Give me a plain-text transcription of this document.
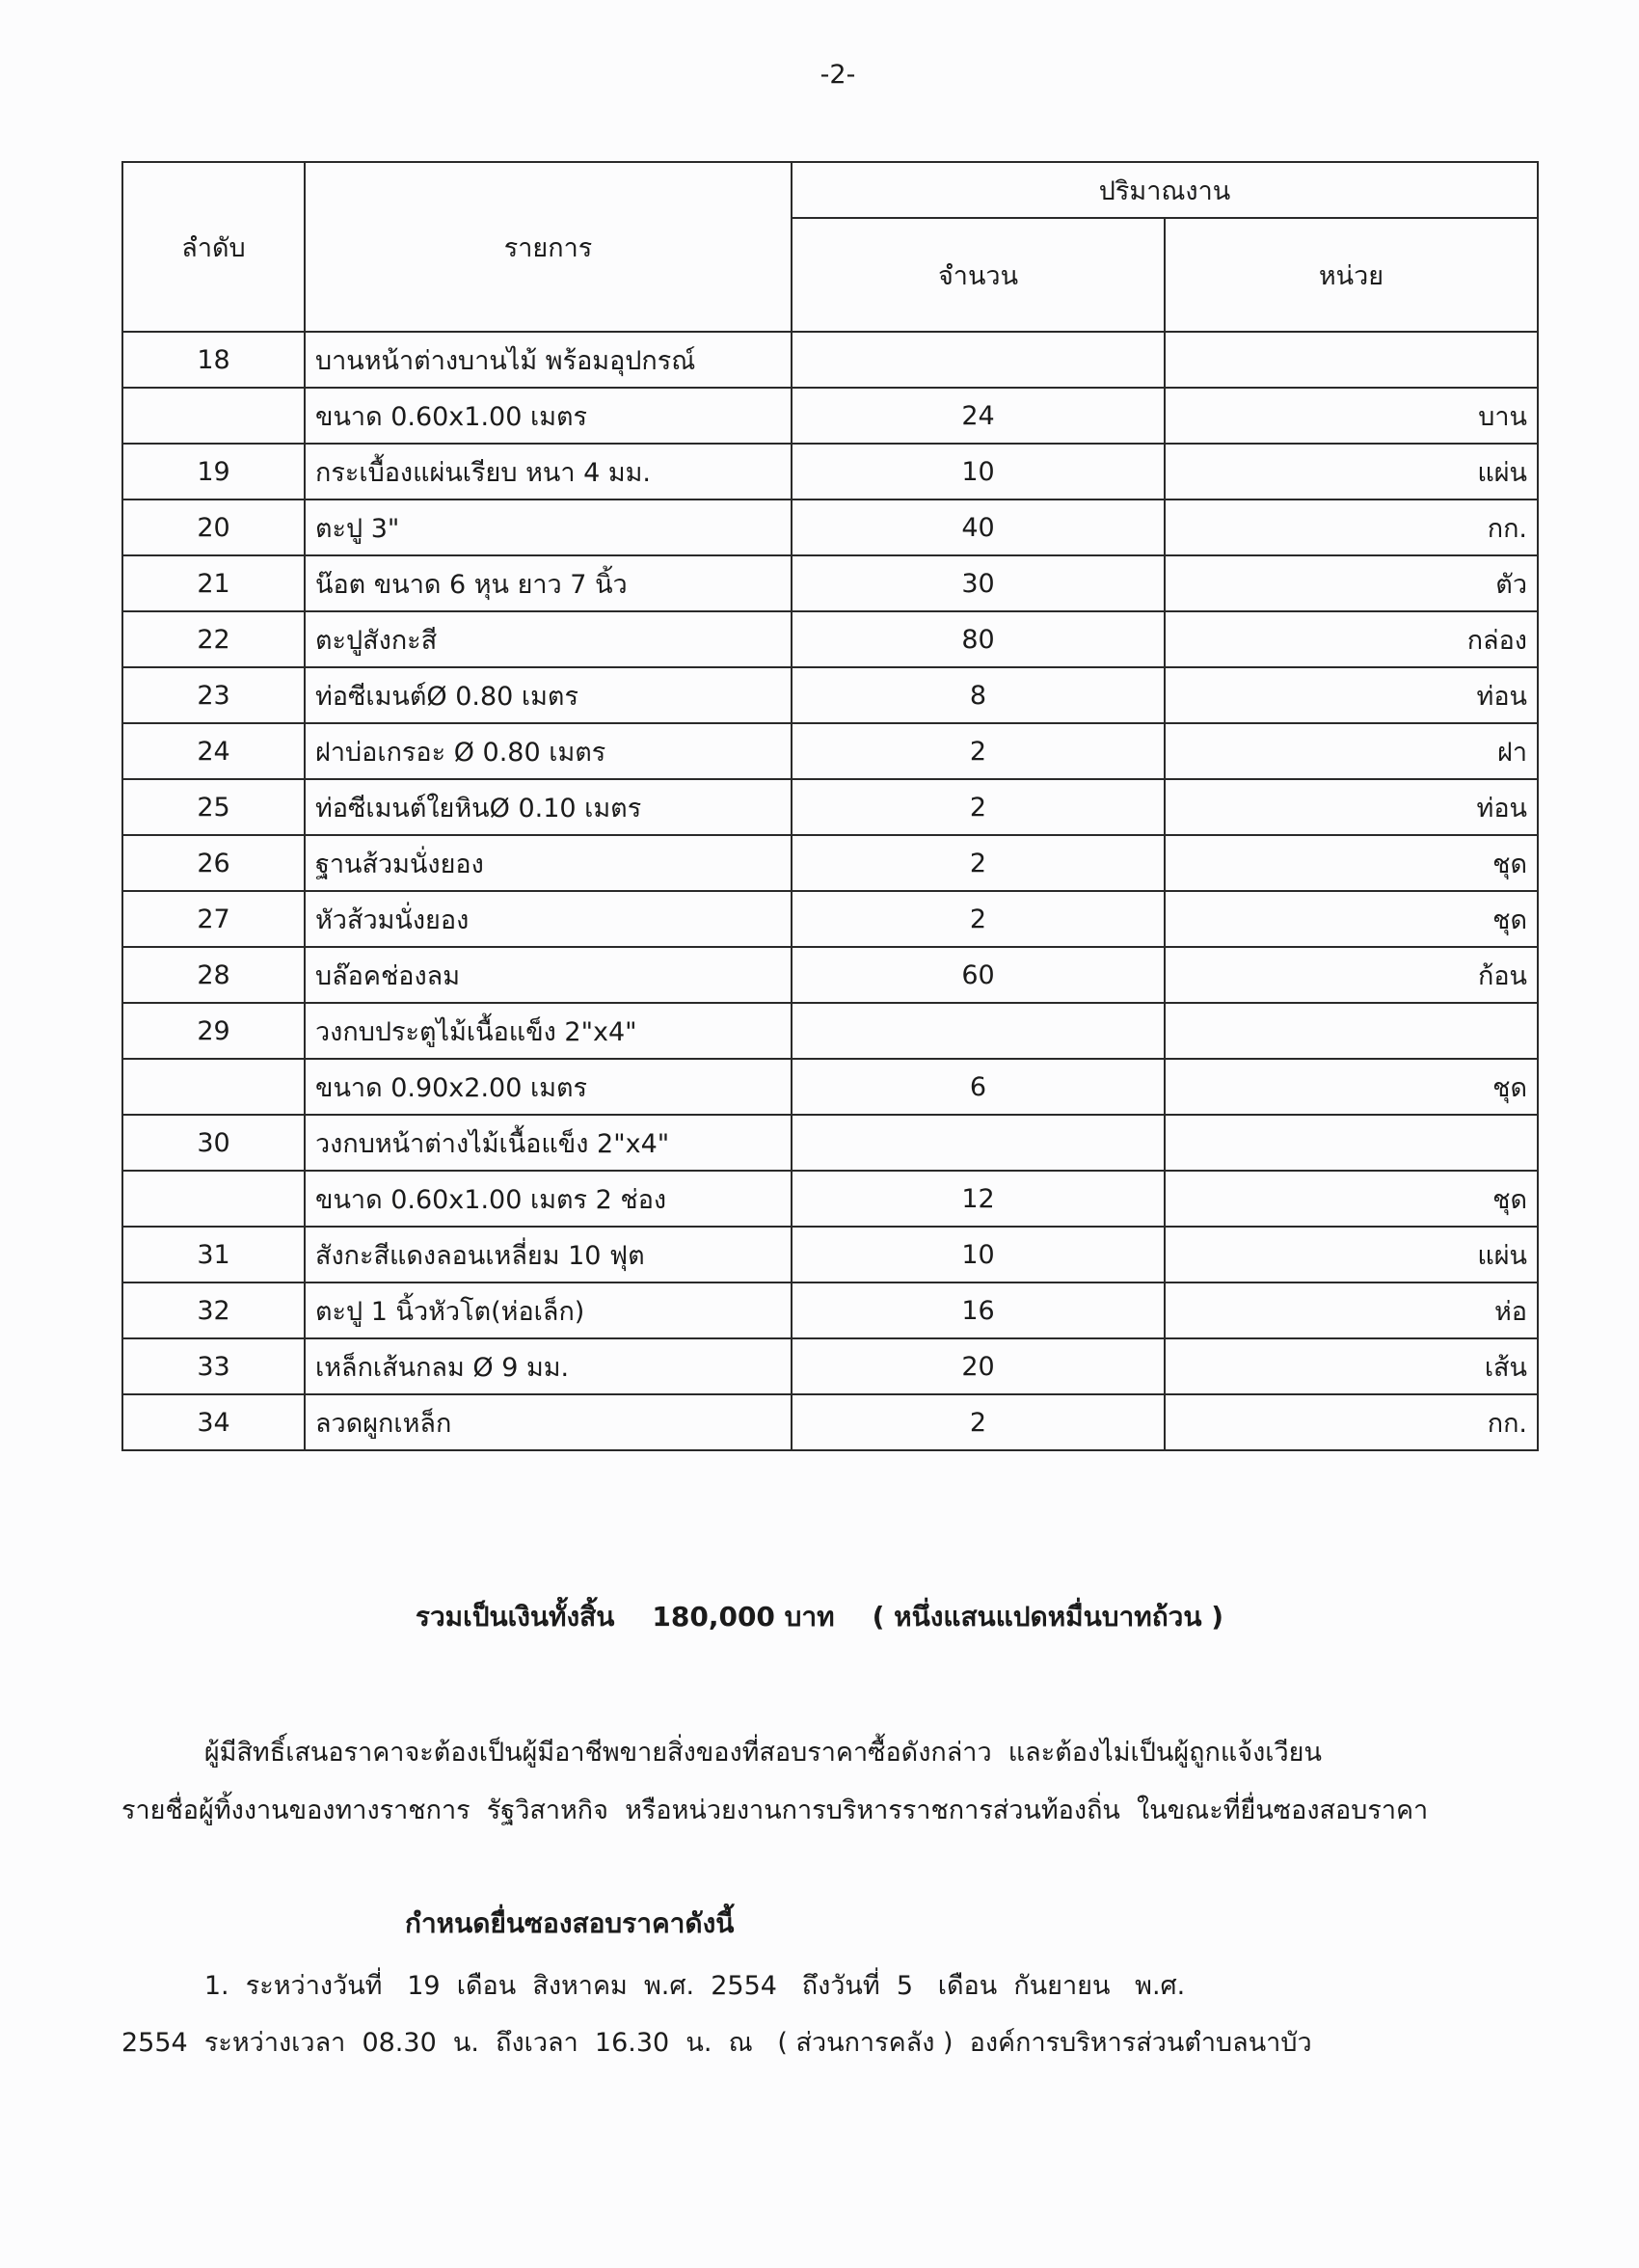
-2-
ลำดับ	รายการ	ปริมาณงาน	
		จำนวน	หน่วย
18	บานหน้าต่างบานไม้ พร้อมอุปกรณ์		
	ขนาด 0.60x1.00 เมตร	24	บาน
19	กระเบื้องแผ่นเรียบ หนา 4 มม.	10	แผ่น
20	ตะปู 3"	40	กก.
21	น๊อต ขนาด 6 หุน ยาว 7 นิ้ว	30	ตัว
22	ตะปูสังกะสี	80	กล่อง
23	ท่อซีเมนต์Ø 0.80 เมตร	8	ท่อน
24	ฝาบ่อเกรอะ Ø 0.80 เมตร	2	ฝา
25	ท่อซีเมนต์ใยหินØ 0.10 เมตร	2	ท่อน
26	ฐานส้วมนั่งยอง	2	ชุด
27	หัวส้วมนั่งยอง	2	ชุด
28	บล๊อคช่องลม	60	ก้อน
29	วงกบประตูไม้เนื้อแข็ง 2"x4"		
	ขนาด 0.90x2.00 เมตร	6	ชุด
30	วงกบหน้าต่างไม้เนื้อแข็ง 2"x4"		
	ขนาด 0.60x1.00 เมตร 2 ช่อง	12	ชุด
31	สังกะสีแดงลอนเหลี่ยม 10 ฟุต	10	แผ่น
32	ตะปู 1 นิ้วหัวโต(ห่อเล็ก)	16	ห่อ
33	เหล็กเส้นกลม Ø 9 มม.	20	เส้น
34	ลวดผูกเหล็ก	2	กก.
รวมเป็นเงินทั้งสิ้น 180,000 บาท ( หนึ่งแสนแปดหมื่นบาทถ้วน )
ผู้มีสิทธิ์เสนอราคาจะต้องเป็นผู้มีอาชีพขายสิ่งของที่สอบราคาซื้อดังกล่าว  และต้องไม่เป็นผู้ถูกแจ้งเวียน
รายชื่อผู้ทิ้งงานของทางราชการ  รัฐวิสาหกิจ  หรือหน่วยงานการบริหารราชการส่วนท้องถิ่น  ในขณะที่ยื่นซองสอบราคา
กำหนดยื่นซองสอบราคาดังนี้
1.  ระหว่างวันที่   19  เดือน  สิงหาคม  พ.ศ.  2554   ถึงวันที่  5   เดือน  กันยายน   พ.ศ.
2554  ระหว่างเวลา  08.30  น.  ถึงเวลา  16.30  น.  ณ   ( ส่วนการคลัง )  องค์การบริหารส่วนตำบลนาบัว
